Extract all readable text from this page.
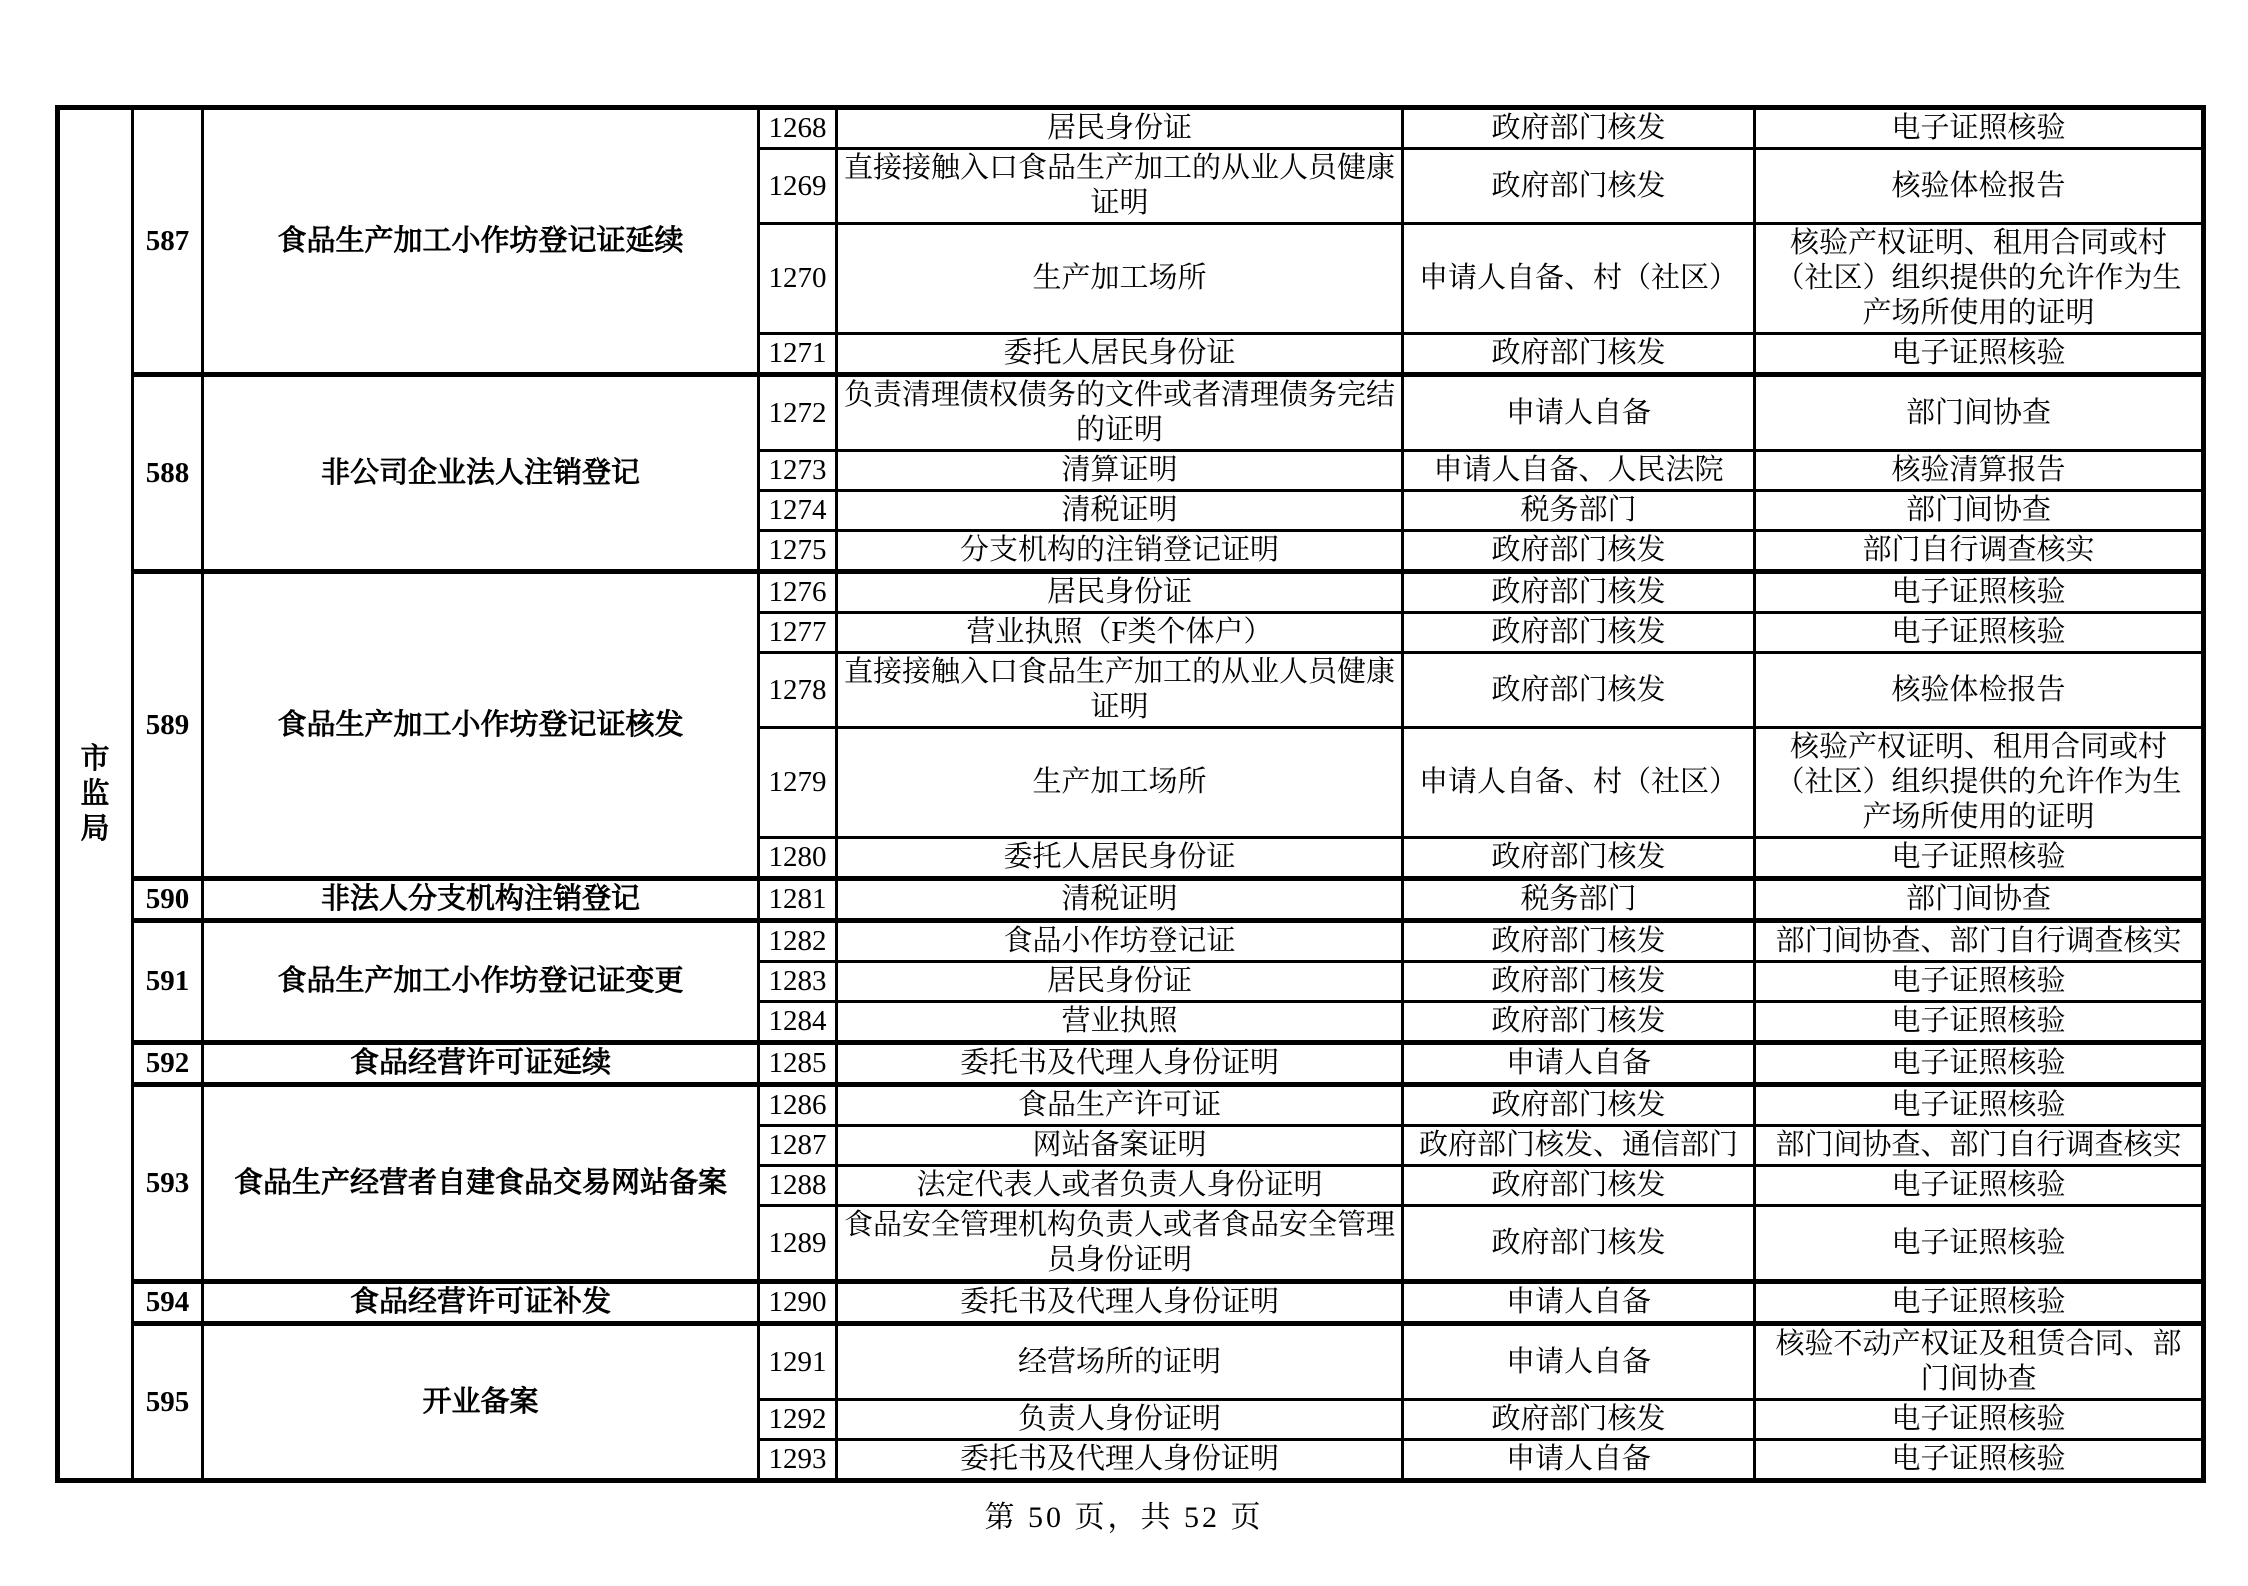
市监局	587	食品生产加工小作坊登记证延续	1268	居民身份证	政府部门核发	电子证照核验
			1269	直接接触入口食品生产加工的从业人员健康证明	政府部门核发	核验体检报告
			1270	生产加工场所	申请人自备、村（社区）	核验产权证明、租用合同或村（社区）组织提供的允许作为生产场所使用的证明
			1271	委托人居民身份证	政府部门核发	电子证照核验
	588	非公司企业法人注销登记	1272	负责清理债权债务的文件或者清理债务完结的证明	申请人自备	部门间协查
			1273	清算证明	申请人自备、人民法院	核验清算报告
			1274	清税证明	税务部门	部门间协查
			1275	分支机构的注销登记证明	政府部门核发	部门自行调查核实
	589	食品生产加工小作坊登记证核发	1276	居民身份证	政府部门核发	电子证照核验
			1277	营业执照（F类个体户）	政府部门核发	电子证照核验
			1278	直接接触入口食品生产加工的从业人员健康证明	政府部门核发	核验体检报告
			1279	生产加工场所	申请人自备、村（社区）	核验产权证明、租用合同或村（社区）组织提供的允许作为生产场所使用的证明
			1280	委托人居民身份证	政府部门核发	电子证照核验
	590	非法人分支机构注销登记	1281	清税证明	税务部门	部门间协查
	591	食品生产加工小作坊登记证变更	1282	食品小作坊登记证	政府部门核发	部门间协查、部门自行调查核实
			1283	居民身份证	政府部门核发	电子证照核验
			1284	营业执照	政府部门核发	电子证照核验
	592	食品经营许可证延续	1285	委托书及代理人身份证明	申请人自备	电子证照核验
	593	食品生产经营者自建食品交易网站备案	1286	食品生产许可证	政府部门核发	电子证照核验
			1287	网站备案证明	政府部门核发、通信部门	部门间协查、部门自行调查核实
			1288	法定代表人或者负责人身份证明	政府部门核发	电子证照核验
			1289	食品安全管理机构负责人或者食品安全管理员身份证明	政府部门核发	电子证照核验
	594	食品经营许可证补发	1290	委托书及代理人身份证明	申请人自备	电子证照核验
	595	开业备案	1291	经营场所的证明	申请人自备	核验不动产权证及租赁合同、部门间协查
			1292	负责人身份证明	政府部门核发	电子证照核验
			1293	委托书及代理人身份证明	申请人自备	电子证照核验
第 50 页，共 52 页
